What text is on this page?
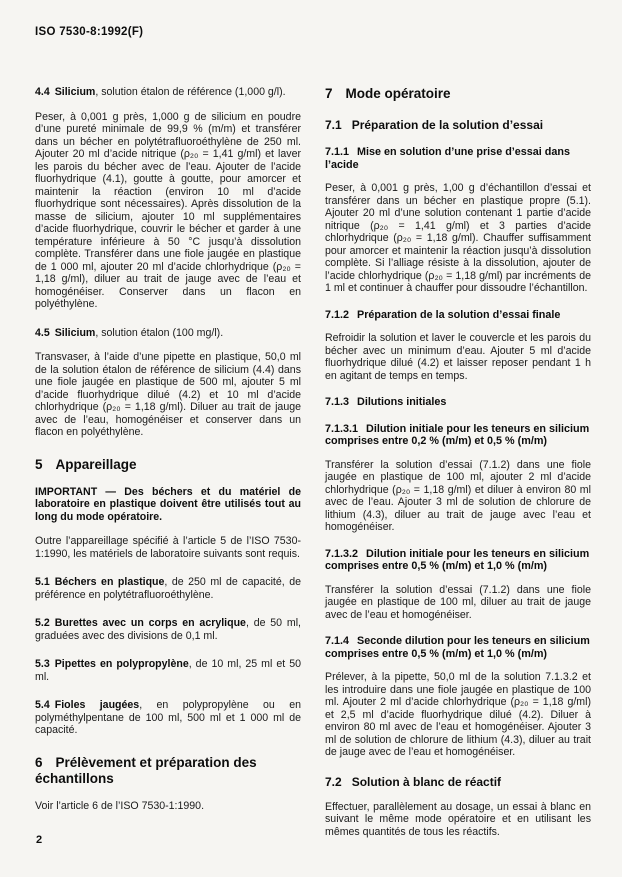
ISO 7530-8:1992(F)
4.4 Silicium, solution étalon de référence (1,000 g/l).
Peser, à 0,001 g près, 1,000 g de silicium en poudre d’une pureté minimale de 99,9 % (m/m) et transférer dans un bécher en polytétrafluoroéthylène de 250 ml. Ajouter 20 ml d’acide nitrique (ρ₂₀ = 1,41 g/ml) et laver les parois du bécher avec de l’eau. Ajouter de l’acide fluorhydrique (4.1), goutte à goutte, pour amorcer et maintenir la réaction (environ 10 ml d’acide fluorhydrique sont nécessaires). Après dissolution de la masse de silicium, ajouter 10 ml supplémentaires d’acide fluorhydrique, couvrir le bécher et garder à une température inférieure à 50 °C jusqu’à dissolution complète. Transférer dans une fiole jaugée en plastique de 1 000 ml, ajouter 20 ml d’acide chlorhydrique (ρ₂₀ = 1,18 g/ml), diluer au trait de jauge avec de l’eau et homogénéiser. Conserver dans un flacon en polyéthylène.
4.5 Silicium, solution étalon (100 mg/l).
Transvaser, à l’aide d’une pipette en plastique, 50,0 ml de la solution étalon de référence de silicium (4.4) dans une fiole jaugée en plastique de 500 ml, ajouter 5 ml d’acide fluorhydrique dilué (4.2) et 10 ml d’acide chlorhydrique (ρ₂₀ = 1,18 g/ml). Diluer au trait de jauge avec de l’eau, homogénéiser et conserver dans un flacon en polyéthylène.
5 Appareillage
IMPORTANT — Des béchers et du matériel de laboratoire en plastique doivent être utilisés tout au long du mode opératoire.
Outre l’appareillage spécifié à l’article 5 de l’ISO 7530-1:1990, les matériels de laboratoire suivants sont requis.
5.1 Béchers en plastique, de 250 ml de capacité, de préférence en polytétrafluoroéthylène.
5.2 Burettes avec un corps en acrylique, de 50 ml, graduées avec des divisions de 0,1 ml.
5.3 Pipettes en polypropylène, de 10 ml, 25 ml et 50 ml.
5.4 Fioles jaugées, en polypropylène ou en polyméthylpentane de 100 ml, 500 ml et 1 000 ml de capacité.
6 Prélèvement et préparation des échantillons
Voir l’article 6 de l’ISO 7530-1:1990.
7 Mode opératoire
7.1 Préparation de la solution d’essai
7.1.1 Mise en solution d’une prise d’essai dans l’acide
Peser, à 0,001 g près, 1,00 g d’échantillon d’essai et transférer dans un bécher en plastique propre (5.1). Ajouter 20 ml d’une solution contenant 1 partie d’acide nitrique (ρ₂₀ = 1,41 g/ml) et 3 parties d’acide chlorhydrique (ρ₂₀ = 1,18 g/ml). Chauffer suffisamment pour amorcer et maintenir la réaction jusqu’à dissolution complète. Si l’alliage résiste à la dissolution, ajouter de l’acide chlorhydrique (ρ₂₀ = 1,18 g/ml) par incréments de 1 ml et continuer à chauffer pour dissoudre l’échantillon.
7.1.2 Préparation de la solution d’essai finale
Refroidir la solution et laver le couvercle et les parois du bécher avec un minimum d’eau. Ajouter 5 ml d’acide fluorhydrique dilué (4.2) et laisser reposer pendant 1 h en agitant de temps en temps.
7.1.3 Dilutions initiales
7.1.3.1 Dilution initiale pour les teneurs en silicium comprises entre 0,2 % (m/m) et 0,5 % (m/m)
Transférer la solution d’essai (7.1.2) dans une fiole jaugée en plastique de 100 ml, ajouter 2 ml d’acide chlorhydrique (ρ₂₀ = 1,18 g/ml) et diluer à environ 80 ml avec de l’eau. Ajouter 3 ml de solution de chlorure de lithium (4.3), diluer au trait de jauge avec l’eau et homogénéiser.
7.1.3.2 Dilution initiale pour les teneurs en silicium comprises entre 0,5 % (m/m) et 1,0 % (m/m)
Transférer la solution d’essai (7.1.2) dans une fiole jaugée en plastique de 100 ml, diluer au trait de jauge avec de l’eau et homogénéiser.
7.1.4 Seconde dilution pour les teneurs en silicium comprises entre 0,5 % (m/m) et 1,0 % (m/m)
Prélever, à la pipette, 50,0 ml de la solution 7.1.3.2 et les introduire dans une fiole jaugée en plastique de 100 ml. Ajouter 2 ml d’acide chlorhydrique (ρ₂₀ = 1,18 g/ml) et 2,5 ml d’acide fluorhydrique dilué (4.2). Diluer à environ 80 ml avec de l’eau et homogénéiser. Ajouter 3 ml de solution de chlorure de lithium (4.3), diluer au trait de jauge avec de l’eau et homogénéiser.
7.2 Solution à blanc de réactif
Effectuer, parallèlement au dosage, un essai à blanc en suivant le même mode opératoire et en utilisant les mêmes quantités de tous les réactifs.
2
